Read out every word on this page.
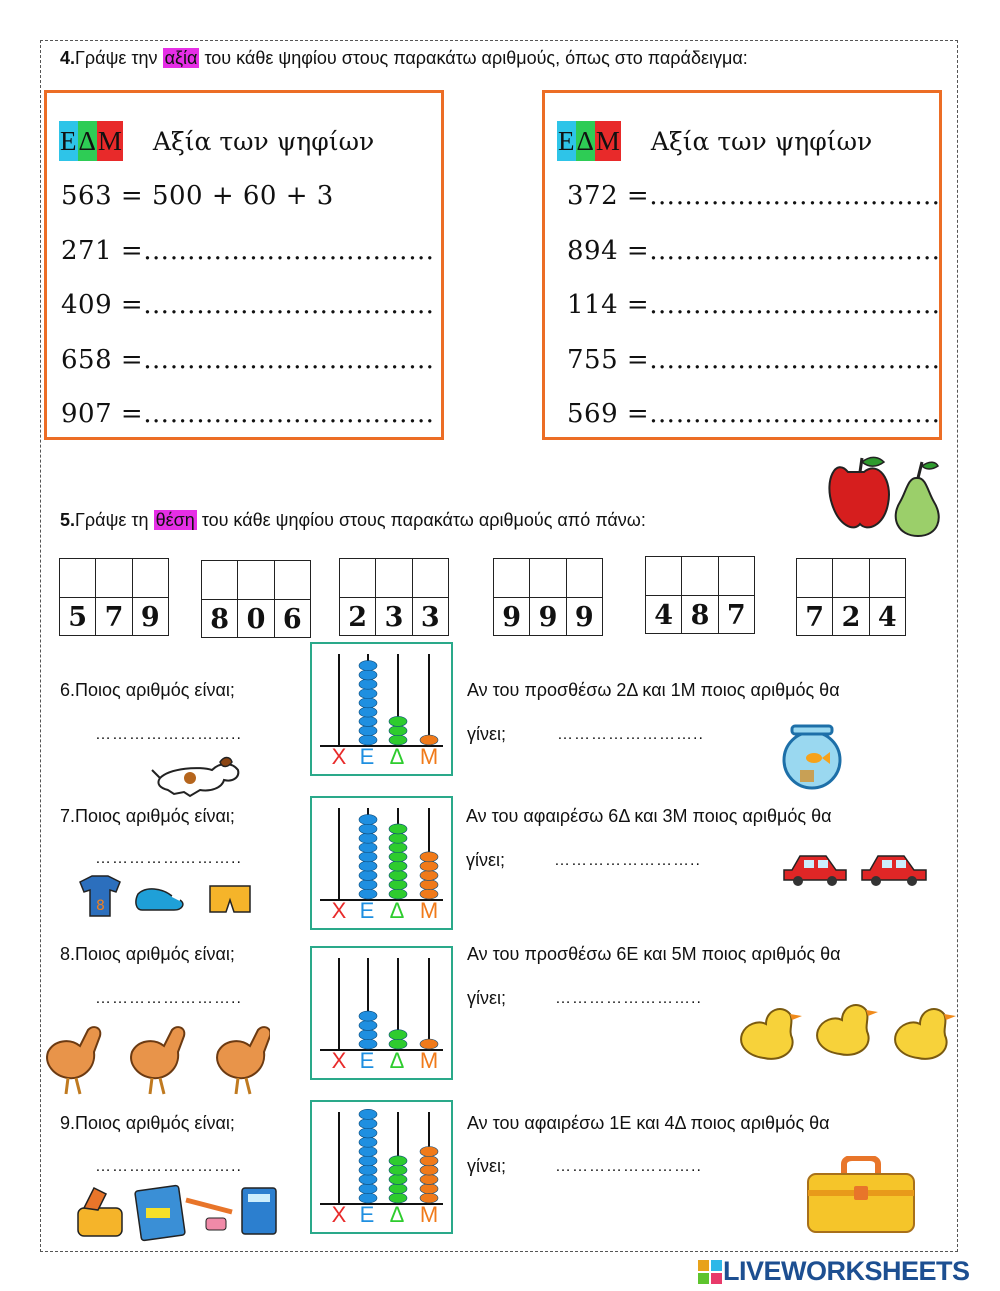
4.Γράψε την αξία του κάθε ψηφίου στους παρακάτω αριθμούς, όπως στο παράδειγμα:
Ε Δ Μ Αξία των ψηφίων
563 = 500 + 60 + 3
271 =……………………………
409 =……………………………
658 =……………………………
907 =……………………………
Ε Δ Μ Αξία των ψηφίων
372 =……………………………
894 =……………………………
114 =……………………………
755 =……………………………
569 =……………………………
5.Γράψε τη θέση του κάθε ψηφίου στους παρακάτω αριθμούς από πάνω:
5 7 9	8 0 6	2 3 3	9 9 9	4 8 7	7 2 4
6.Ποιος αριθμός είναι;
……………………..
Αν του προσθέσω 2Δ και 1Μ ποιος αριθμός θα
γίνει;	……………………..
Χ Ε Δ Μ
7.Ποιος αριθμός είναι;
……………………..
Αν του αφαιρέσω 6Δ και 3Μ ποιος αριθμός θα
γίνει;	……………………..
Χ Ε Δ Μ
8
8.Ποιος αριθμός είναι;
……………………..
Αν του προσθέσω 6Ε και 5Μ ποιος αριθμός θα
γίνει;	……………………..
Χ Ε Δ Μ
9.Ποιος αριθμός είναι;
……………………..
Αν του αφαιρέσω 1Ε και 4Δ ποιος αριθμός θα
γίνει;	……………………..
Χ Ε Δ Μ
LIVEWORKSHEETS
